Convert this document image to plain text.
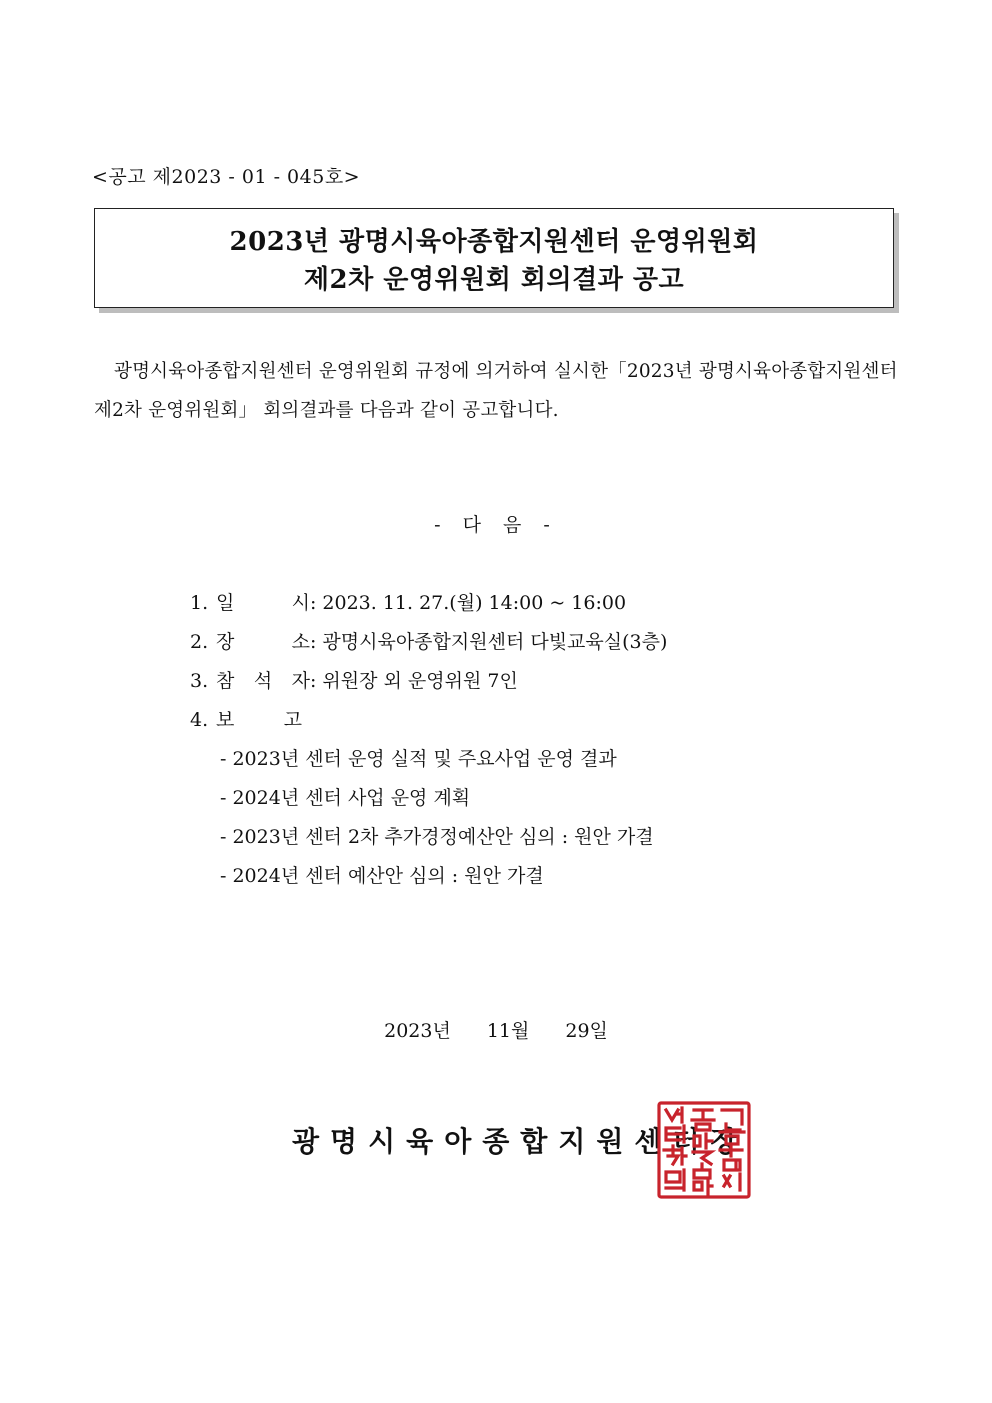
<공고 제2023 - 01 - 045호>
2023년 광명시육아종합지원센터 운영위원회
제2차 운영위원회 회의결과 공고
광명시육아종합지원센터 운영위원회 규정에 의거하여 실시한「2023년 광명시육아종합지원센터 제2차 운영위원회」 회의결과를 다음과 같이 공고합니다.
- 다 음 -
1. 일	시 : 2023. 11. 27.(월) 14:00 ~ 16:00
2. 장	소 : 광명시육아종합지원센터 다빛교육실(3층)
3. 참 석 자 : 위원장 외 운영위원 7인
4. 보	고
- 2023년 센터 운영 실적 및 주요사업 운영 결과
- 2024년 센터 사업 운영 계획
- 2023년 센터 2차 추가경정예산안 심의 : 원안 가결
- 2024년 센터 예산안 심의 : 원안 가결
2023년 11월 29일
광명시육아종합지원센터장
